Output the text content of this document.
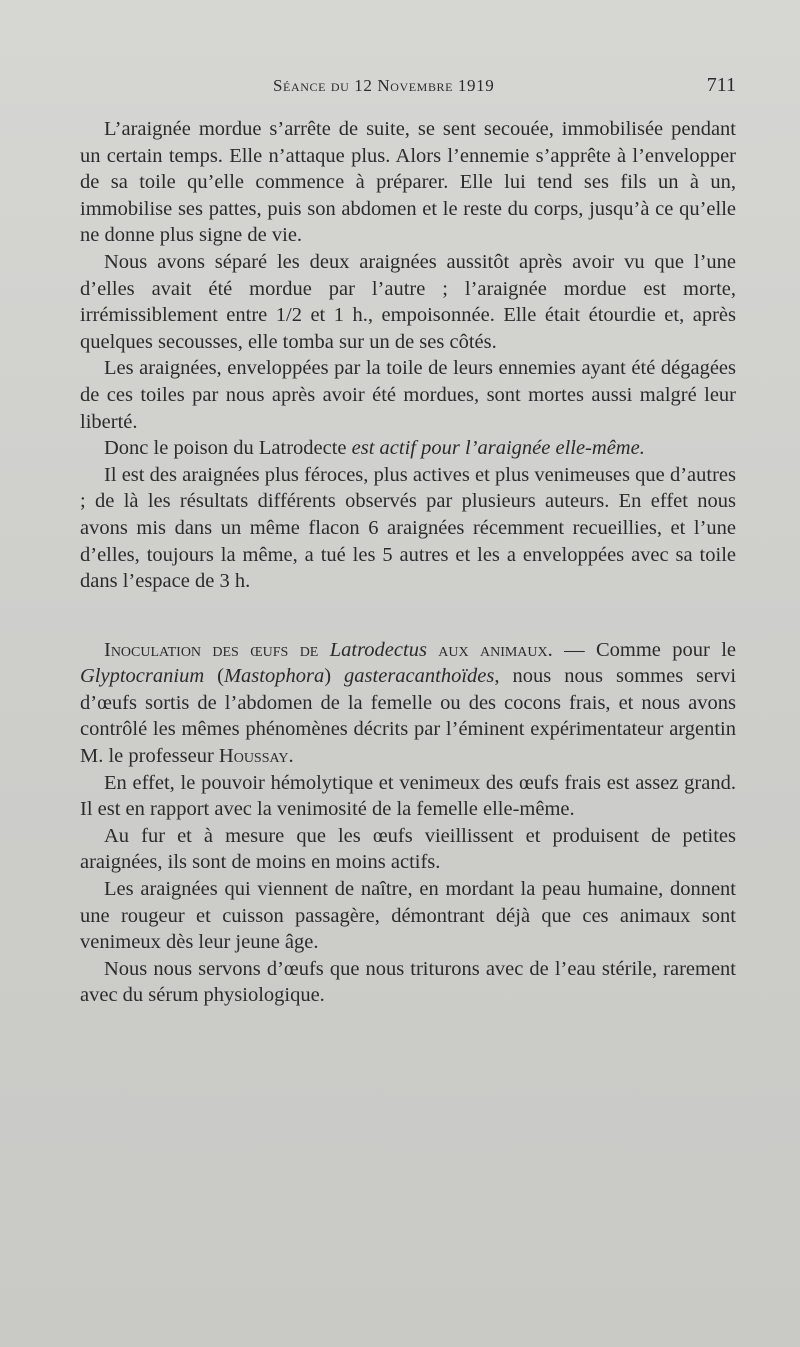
Séance du 12 Novembre 1919	711

L’araignée mordue s’arrête de suite, se sent secouée, immobilisée pendant un certain temps. Elle n’attaque plus. Alors l’ennemie s’apprête à l’envelopper de sa toile qu’elle commence à préparer. Elle lui tend ses fils un à un, immobilise ses pattes, puis son abdomen et le reste du corps, jusqu’à ce qu’elle ne donne plus signe de vie.

Nous avons séparé les deux araignées aussitôt après avoir vu que l’une d’elles avait été mordue par l’autre ; l’araignée mordue est morte, irrémissiblement entre 1/2 et 1 h., empoisonnée. Elle était étourdie et, après quelques secousses, elle tomba sur un de ses côtés.

Les araignées, enveloppées par la toile de leurs ennemies ayant été dégagées de ces toiles par nous après avoir été mordues, sont mortes aussi malgré leur liberté.

Donc le poison du Latrodecte est actif pour l’araignée elle-même.

Il est des araignées plus féroces, plus actives et plus venimeuses que d’autres ; de là les résultats différents observés par plusieurs auteurs. En effet nous avons mis dans un même flacon 6 araignées récemment recueillies, et l’une d’elles, toujours la même, a tué les 5 autres et les a enveloppées avec sa toile dans l’espace de 3 h.

Inoculation des œufs de Latrodectus aux animaux. — Comme pour le Glyptocranium (Mastophora) gasteracanthoïdes, nous nous sommes servi d’œufs sortis de l’abdomen de la femelle ou des cocons frais, et nous avons contrôlé les mêmes phénomènes décrits par l’éminent expérimentateur argentin M. le professeur Houssay.

En effet, le pouvoir hémolytique et venimeux des œufs frais est assez grand. Il est en rapport avec la venimosité de la femelle elle-même.

Au fur et à mesure que les œufs vieillissent et produisent de petites araignées, ils sont de moins en moins actifs.

Les araignées qui viennent de naître, en mordant la peau humaine, donnent une rougeur et cuisson passagère, démontrant déjà que ces animaux sont venimeux dès leur jeune âge.

Nous nous servons d’œufs que nous triturons avec de l’eau stérile, rarement avec du sérum physiologique.
